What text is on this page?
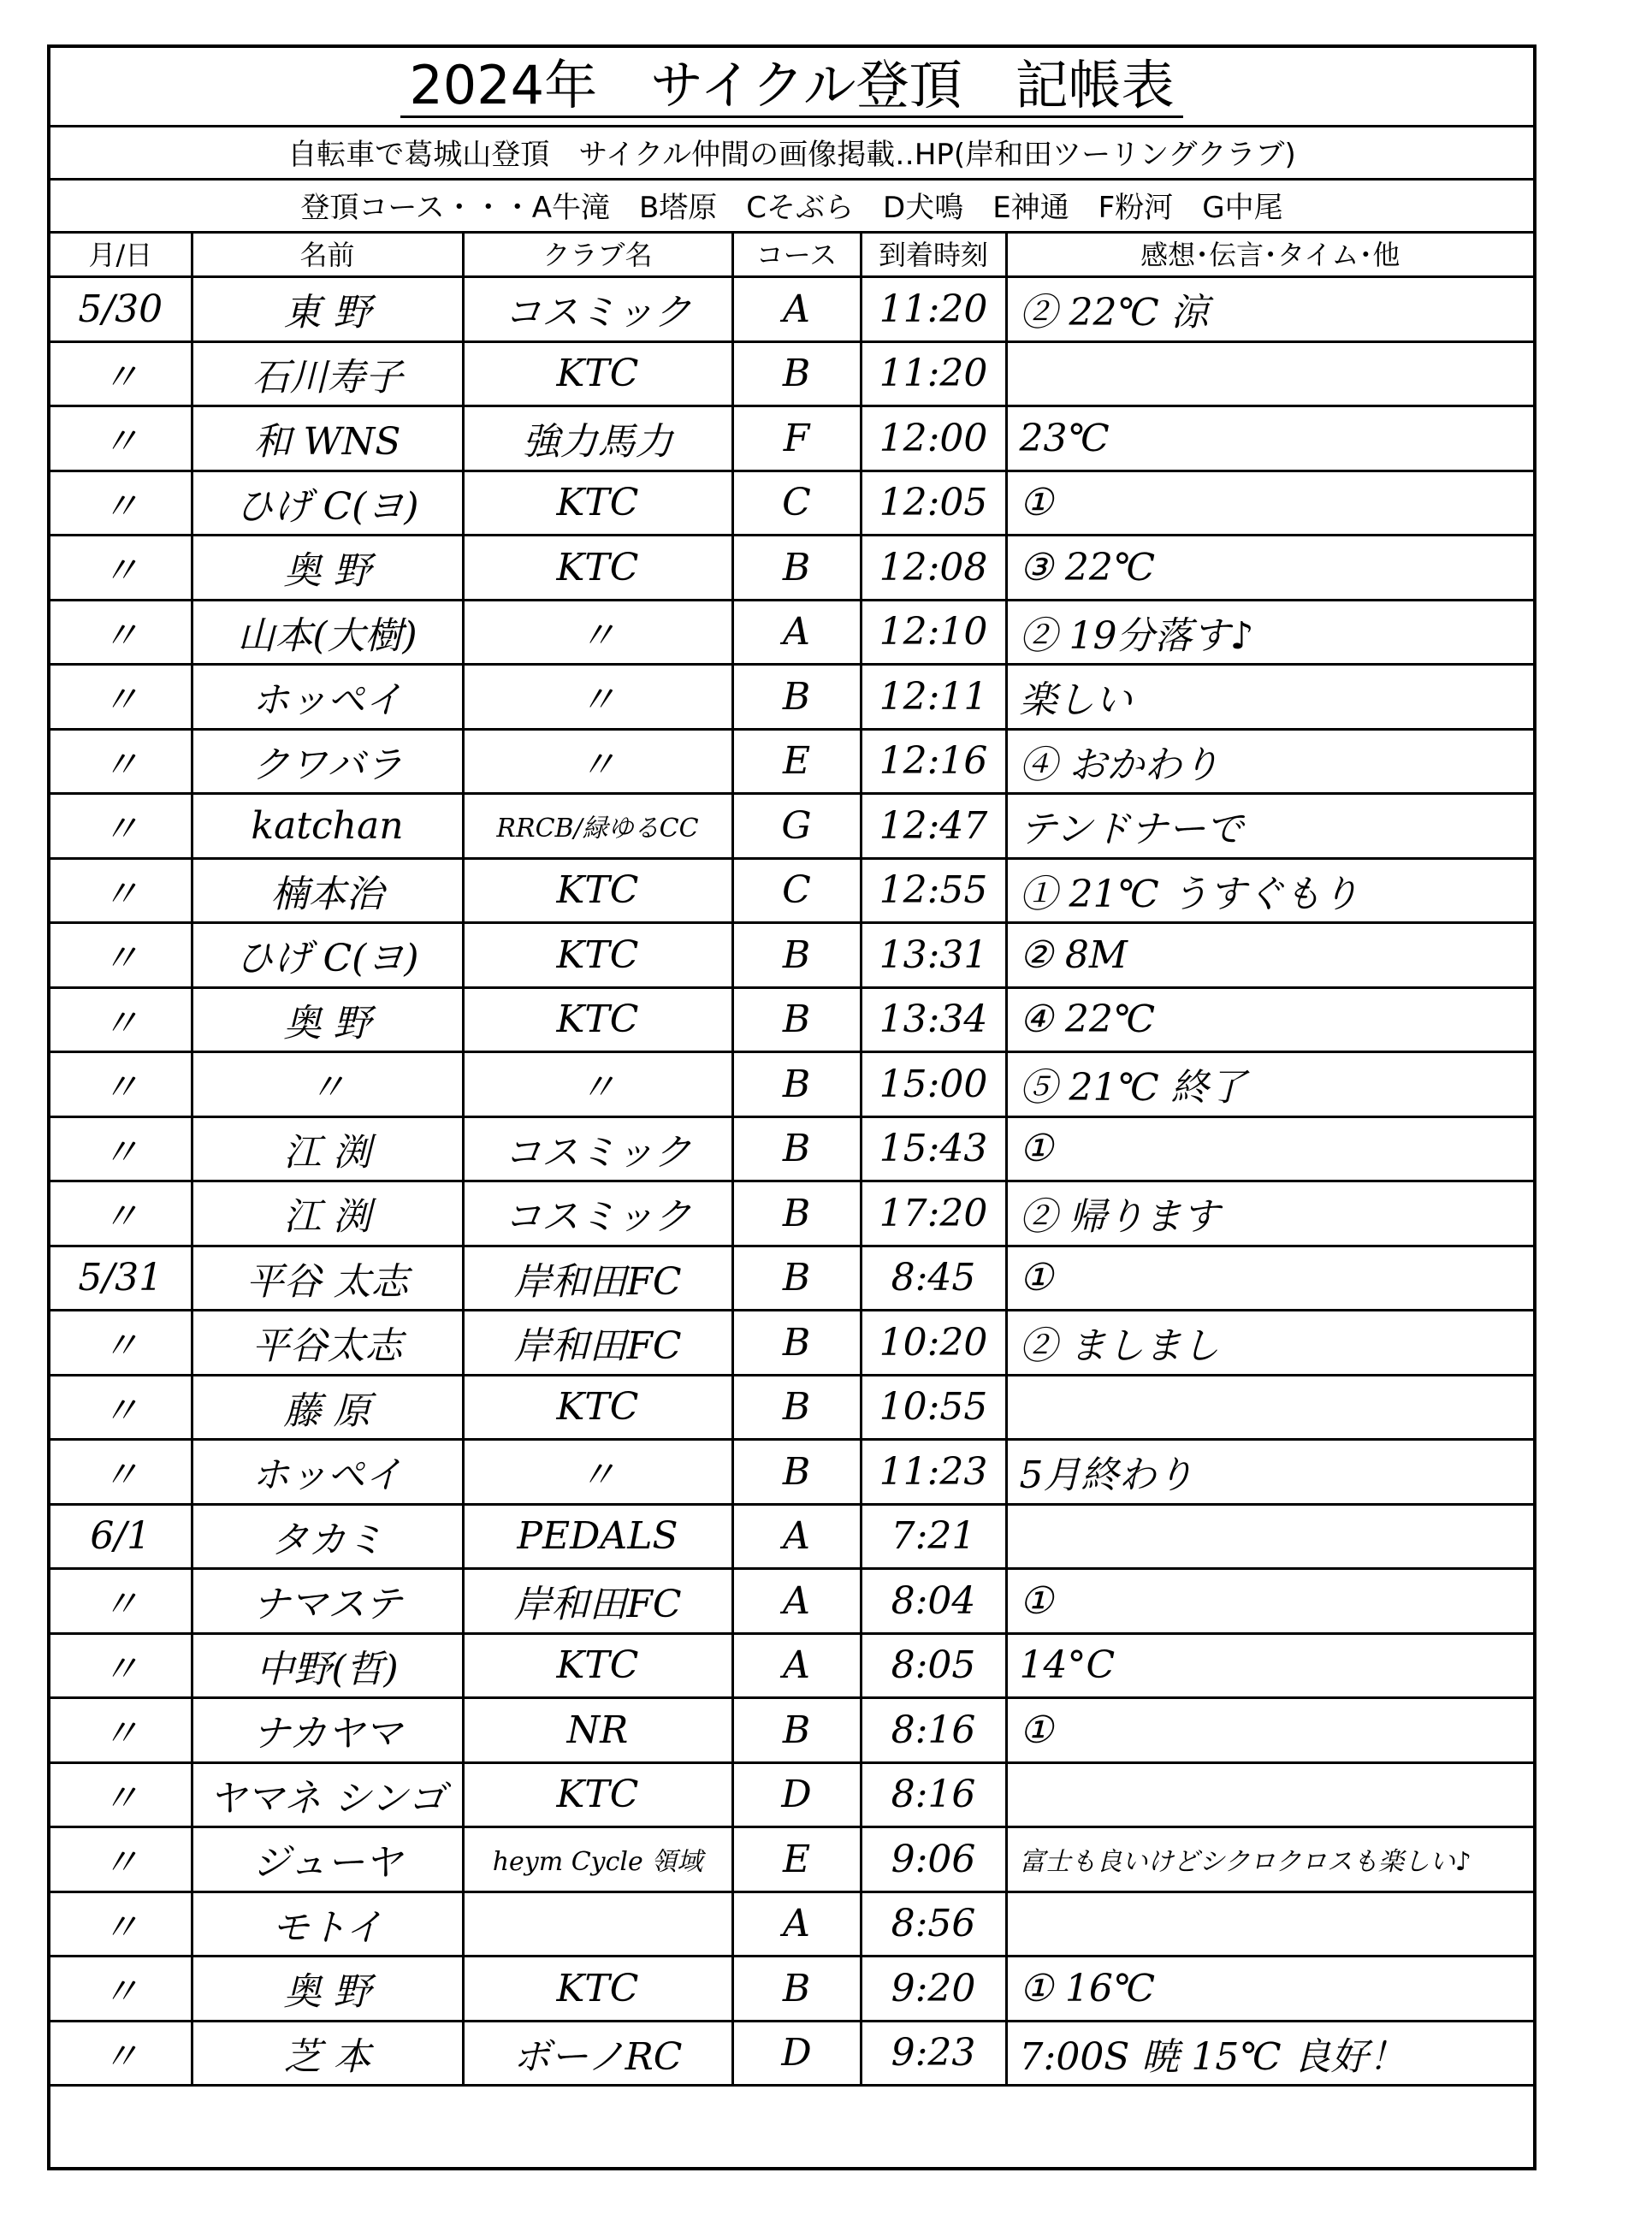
2024年　サイクル登頂　記帳表
自転車で葛城山登頂　サイクル仲間の画像掲載‥HP(岸和田ツーリングクラブ)
登頂コース・・・A牛滝　B塔原　Cそぶら　D犬鳴　E神通　F粉河　G中尾
月/日	名前	クラブ名	コース	到着時刻	感想･伝言･タイム･他
5/30	東 野	コスミック	A	11:20	② 22℃ 涼
〃	石川寿子	KTC	B	11:20	
〃	和 WNS	強力馬力	F	12:00	23℃
〃	ひげ C(ヨ)	KTC	C	12:05	①
〃	奥 野	KTC	B	12:08	③ 22℃
〃	山本(大樹)	〃	A	12:10	② 19分落す♪
〃	ホッペイ	〃	B	12:11	楽しい
〃	クワバラ	〃	E	12:16	④ おかわり
〃	katchan	RRCB/緑ゆるCC	G	12:47	テンドナーで
〃	楠本治	KTC	C	12:55	① 21℃ うすぐもり
〃	ひげ C(ヨ)	KTC	B	13:31	② 8M
〃	奥 野	KTC	B	13:34	④ 22℃
〃	〃	〃	B	15:00	⑤ 21℃ 終了
〃	江 渕	コスミック	B	15:43	①
〃	江 渕	コスミック	B	17:20	② 帰ります
5/31	平谷 太志	岸和田FC	B	8:45	①
〃	平谷太志	岸和田FC	B	10:20	② ましまし
〃	藤 原	KTC	B	10:55	
〃	ホッペイ	〃	B	11:23	5月終わり
6/1	タカミ	PEDALS	A	7:21	
〃	ナマステ	岸和田FC	A	8:04	①
〃	中野(哲)	KTC	A	8:05	14°C
〃	ナカヤマ	NR	B	8:16	①
〃	ヤマネ シンゴ	KTC	D	8:16	
〃	ジューヤ	heym Cycle 領域	E	9:06	富士も良いけどシクロクロスも楽しい♪
〃	モトイ		A	8:56	
〃	奥 野	KTC	B	9:20	① 16℃
〃	芝 本	ボーノRC	D	9:23	7:00S 暁 15℃ 良好！
